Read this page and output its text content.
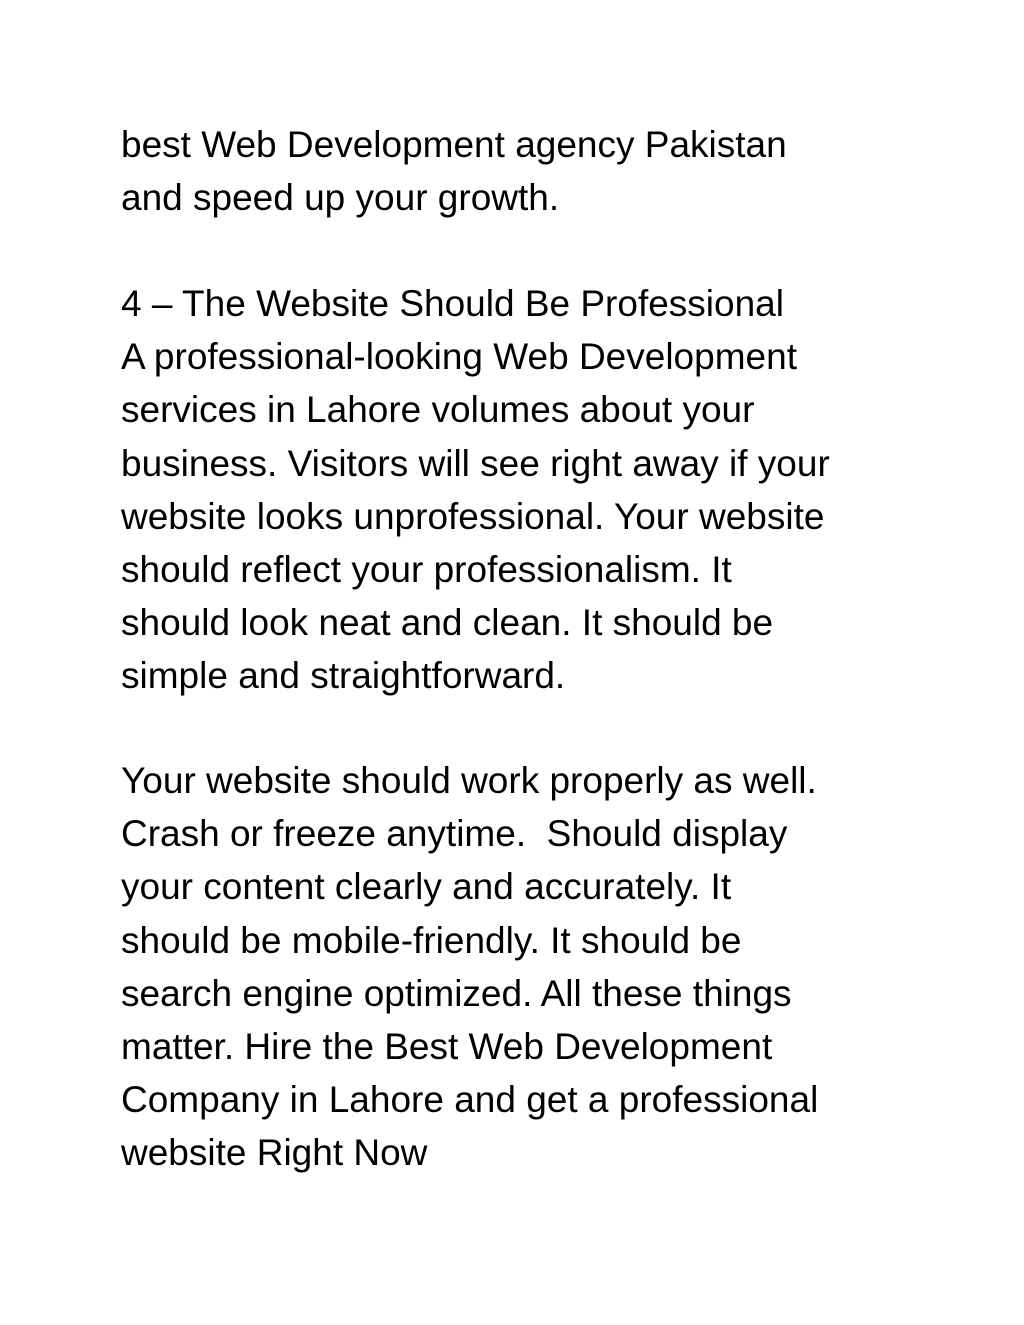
best Web Development agency Pakistan
and speed up your growth.
4 – The Website Should Be Professional
A professional-looking Web Development
services in Lahore volumes about your
business. Visitors will see right away if your
website looks unprofessional. Your website
should reflect your professionalism. It
should look neat and clean. It should be
simple and straightforward.
Your website should work properly as well.
Crash or freeze anytime.  Should display
your content clearly and accurately. It
should be mobile-friendly. It should be
search engine optimized. All these things
matter. Hire the Best Web Development
Company in Lahore and get a professional
website Right Now
